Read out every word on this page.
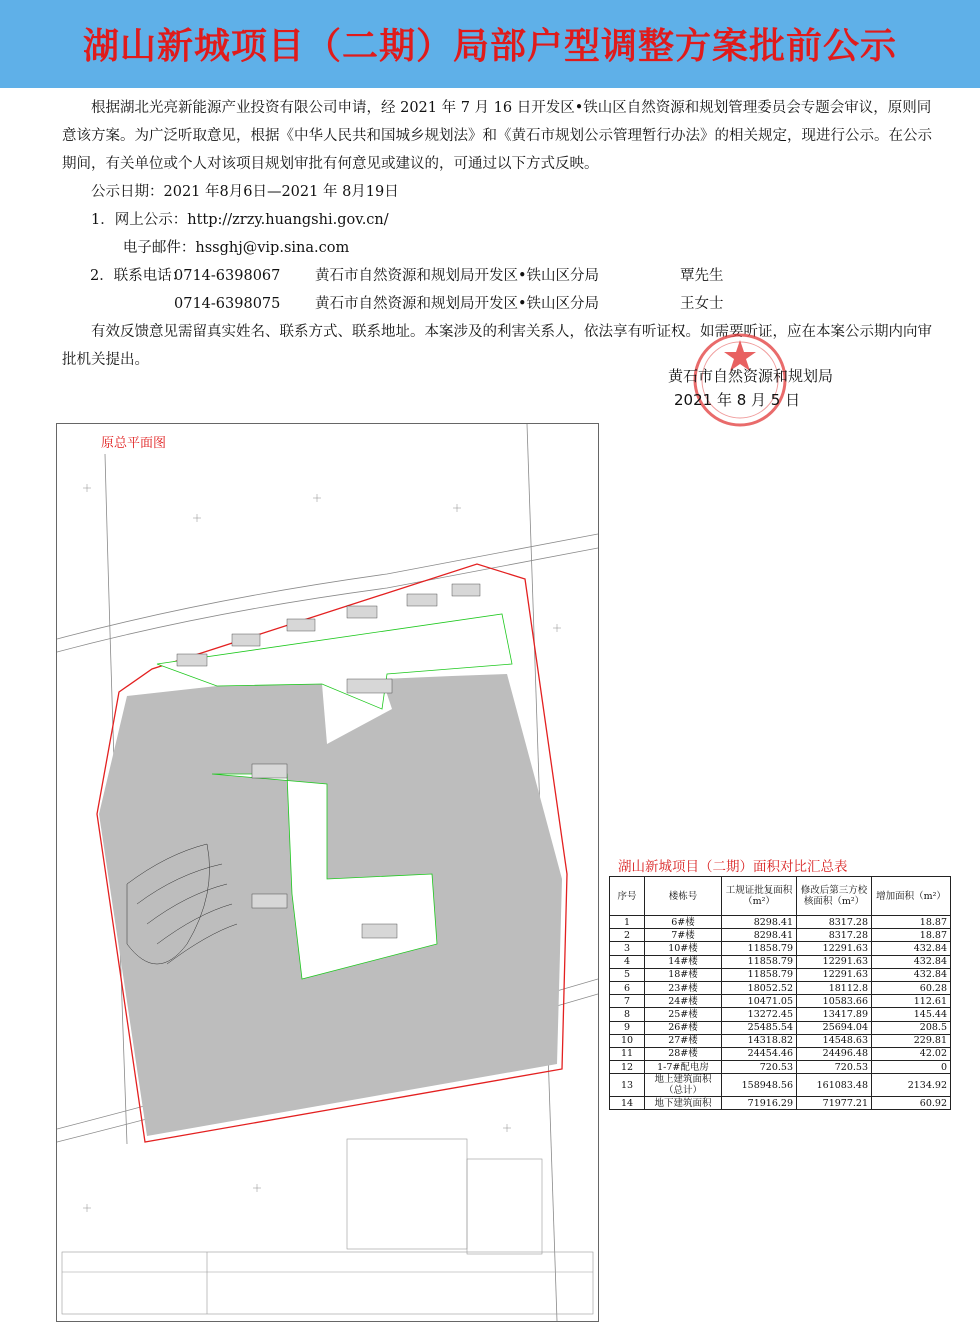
湖山新城项目（二期）局部户型调整方案批前公示

根据湖北光亮新能源产业投资有限公司申请，经 2021 年 7 月 16 日开发区•铁山区自然资源和规划管理委员会专题会审议，原则同意该方案。为广泛听取意见，根据《中华人民共和国城乡规划法》和《黄石市规划公示管理暂行办法》的相关规定，现进行公示。在公示期间，有关单位或个人对该项目规划审批有何意见或建议的，可通过以下方式反映。

公示日期：2021 年8月6日—2021 年 8月19日

1．网上公示：http://zrzy.huangshi.gov.cn/

电子邮件：hssghj@vip.sina.com

2．联系电话：
0714-6398067	黄石市自然资源和规划局开发区•铁山区分局	覃先生
0714-6398075	黄石市自然资源和规划局开发区•铁山区分局	王女士

有效反馈意见需留真实姓名、联系方式、联系地址。本案涉及的利害关系人，依法享有听证权。如需要听证，应在本案公示期内向审批机关提出。

黄石市自然资源和规划局
2021 年 8 月 5 日
原总平面图
湖山新城项目（二期）面积对比汇总表
序号	楼栋号	工规证批复面积（m²）	修改后第三方校核面积（m²）	增加面积（m²）
1	6#楼	8298.41	8317.28	18.87
2	7#楼	8298.41	8317.28	18.87
3	10#楼	11858.79	12291.63	432.84
4	14#楼	11858.79	12291.63	432.84
5	18#楼	11858.79	12291.63	432.84
6	23#楼	18052.52	18112.8	60.28
7	24#楼	10471.05	10583.66	112.61
8	25#楼	13272.45	13417.89	145.44
9	26#楼	25485.54	25694.04	208.5
10	27#楼	14318.82	14548.63	229.81
11	28#楼	24454.46	24496.48	42.02
12	1-7#配电房	720.53	720.53	0
13	地上建筑面积（总计）	158948.56	161083.48	2134.92
14	地下建筑面积	71916.29	71977.21	60.92
